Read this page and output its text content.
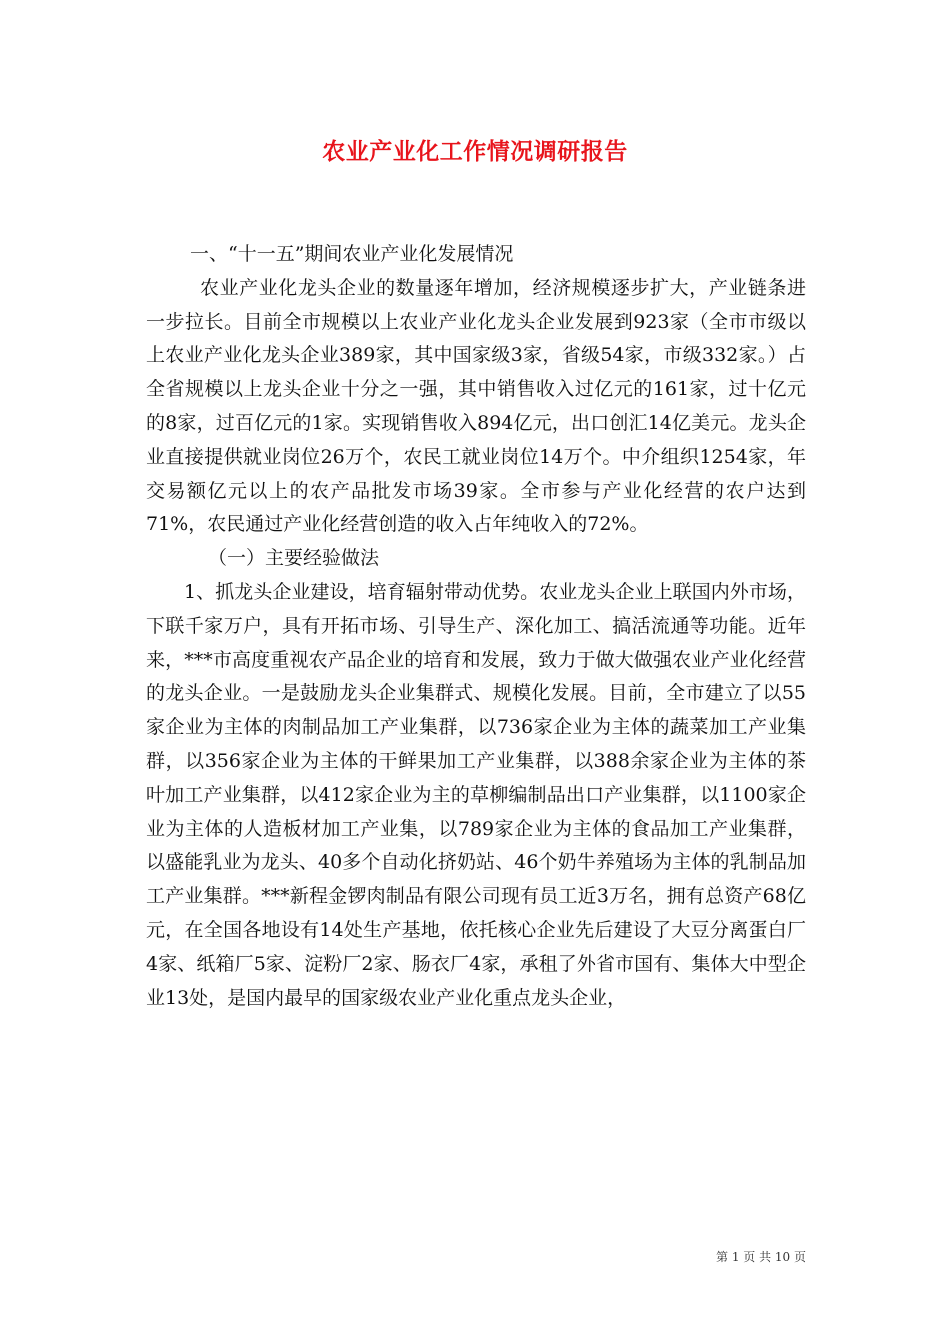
农业产业化工作情况调研报告

一、“十一五”期间农业产业化发展情况

农业产业化龙头企业的数量逐年增加，经济规模逐步扩大，产业链条进一步拉长。目前全市规模以上农业产业化龙头企业发展到923家（全市市级以上农业产业化龙头企业389家，其中国家级3家，省级54家，市级332家。）占全省规模以上龙头企业十分之一强，其中销售收入过亿元的161家，过十亿元的8家，过百亿元的1家。实现销售收入894亿元，出口创汇14亿美元。龙头企业直接提供就业岗位26万个，农民工就业岗位14万个。中介组织1254家，年交易额亿元以上的农产品批发市场39家。全市参与产业化经营的农户达到71%，农民通过产业化经营创造的收入占年纯收入的72%。

（一）主要经验做法

1、抓龙头企业建设，培育辐射带动优势。农业龙头企业上联国内外市场，下联千家万户，具有开拓市场、引导生产、深化加工、搞活流通等功能。近年来，***市高度重视农产品企业的培育和发展，致力于做大做强农业产业化经营的龙头企业。一是鼓励龙头企业集群式、规模化发展。目前，全市建立了以55家企业为主体的肉制品加工产业集群，以736家企业为主体的蔬菜加工产业集群，以356家企业为主体的干鲜果加工产业集群，以388余家企业为主体的茶叶加工产业集群，以412家企业为主的草柳编制品出口产业集群，以1100家企业为主体的人造板材加工产业集，以789家企业为主体的食品加工产业集群，以盛能乳业为龙头、40多个自动化挤奶站、46个奶牛养殖场为主体的乳制品加工产业集群。***新程金锣肉制品有限公司现有员工近3万名，拥有总资产68亿元，在全国各地设有14处生产基地，依托核心企业先后建设了大豆分离蛋白厂4家、纸箱厂5家、淀粉厂2家、肠衣厂4家，承租了外省市国有、集体大中型企业13处，是国内最早的国家级农业产业化重点龙头企业，

第 1 页 共 10 页
